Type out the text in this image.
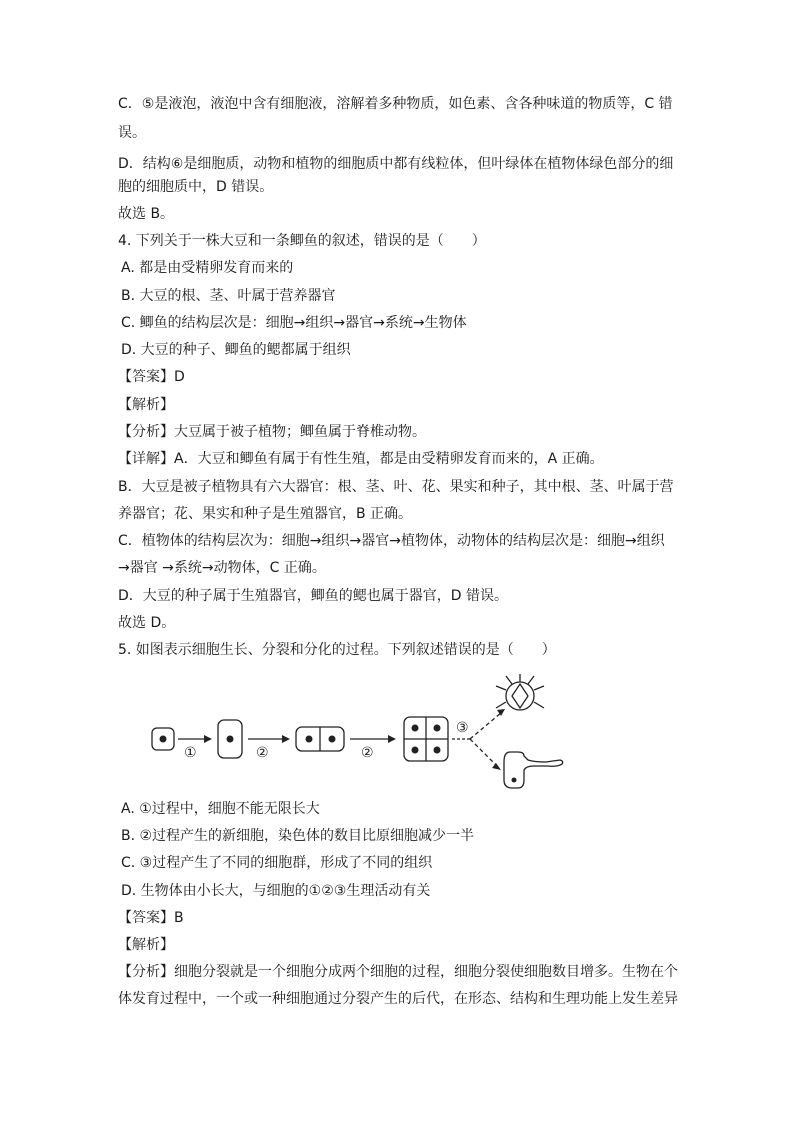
C．⑤是液泡，液泡中含有细胞液，溶解着多种物质，如色素、含各种味道的物质等，C 错
误。
D．结构⑥是细胞质，动物和植物的细胞质中都有线粒体，但叶绿体在植物体绿色部分的细
胞的细胞质中，D 错误。
故选 B。
4. 下列关于一株大豆和一条鲫鱼的叙述，错误的是（　　）
A. 都是由受精卵发育而来的
B. 大豆的根、茎、叶属于营养器官
C. 鲫鱼的结构层次是：细胞→组织→器官→系统→生物体
D. 大豆的种子、鲫鱼的鳃都属于组织
【答案】D
【解析】
【分析】大豆属于被子植物；鲫鱼属于脊椎动物。
【详解】A．大豆和鲫鱼有属于有性生殖，都是由受精卵发育而来的，A 正确。
B．大豆是被子植物具有六大器官：根、茎、叶、花、果实和种子，其中根、茎、叶属于营
养器官；花、果实和种子是生殖器官，B 正确。
C．植物体的结构层次为：细胞→组织→器官→植物体，动物体的结构层次是：细胞→组织
→器官 →系统→动物体，C 正确。
D．大豆的种子属于生殖器官，鲫鱼的鳃也属于器官，D 错误。
故选 D。
5. 如图表示细胞生长、分裂和分化的过程。下列叙述错误的是（　　）
①	②	②
③
A. ①过程中，细胞不能无限长大
B. ②过程产生的新细胞，染色体的数目比原细胞减少一半
C. ③过程产生了不同的细胞群，形成了不同的组织
D. 生物体由小长大，与细胞的①②③生理活动有关
【答案】B
【解析】
【分析】细胞分裂就是一个细胞分成两个细胞的过程，细胞分裂使细胞数目增多。生物在个
体发育过程中，一个或一种细胞通过分裂产生的后代，在形态、结构和生理功能上发生差异
